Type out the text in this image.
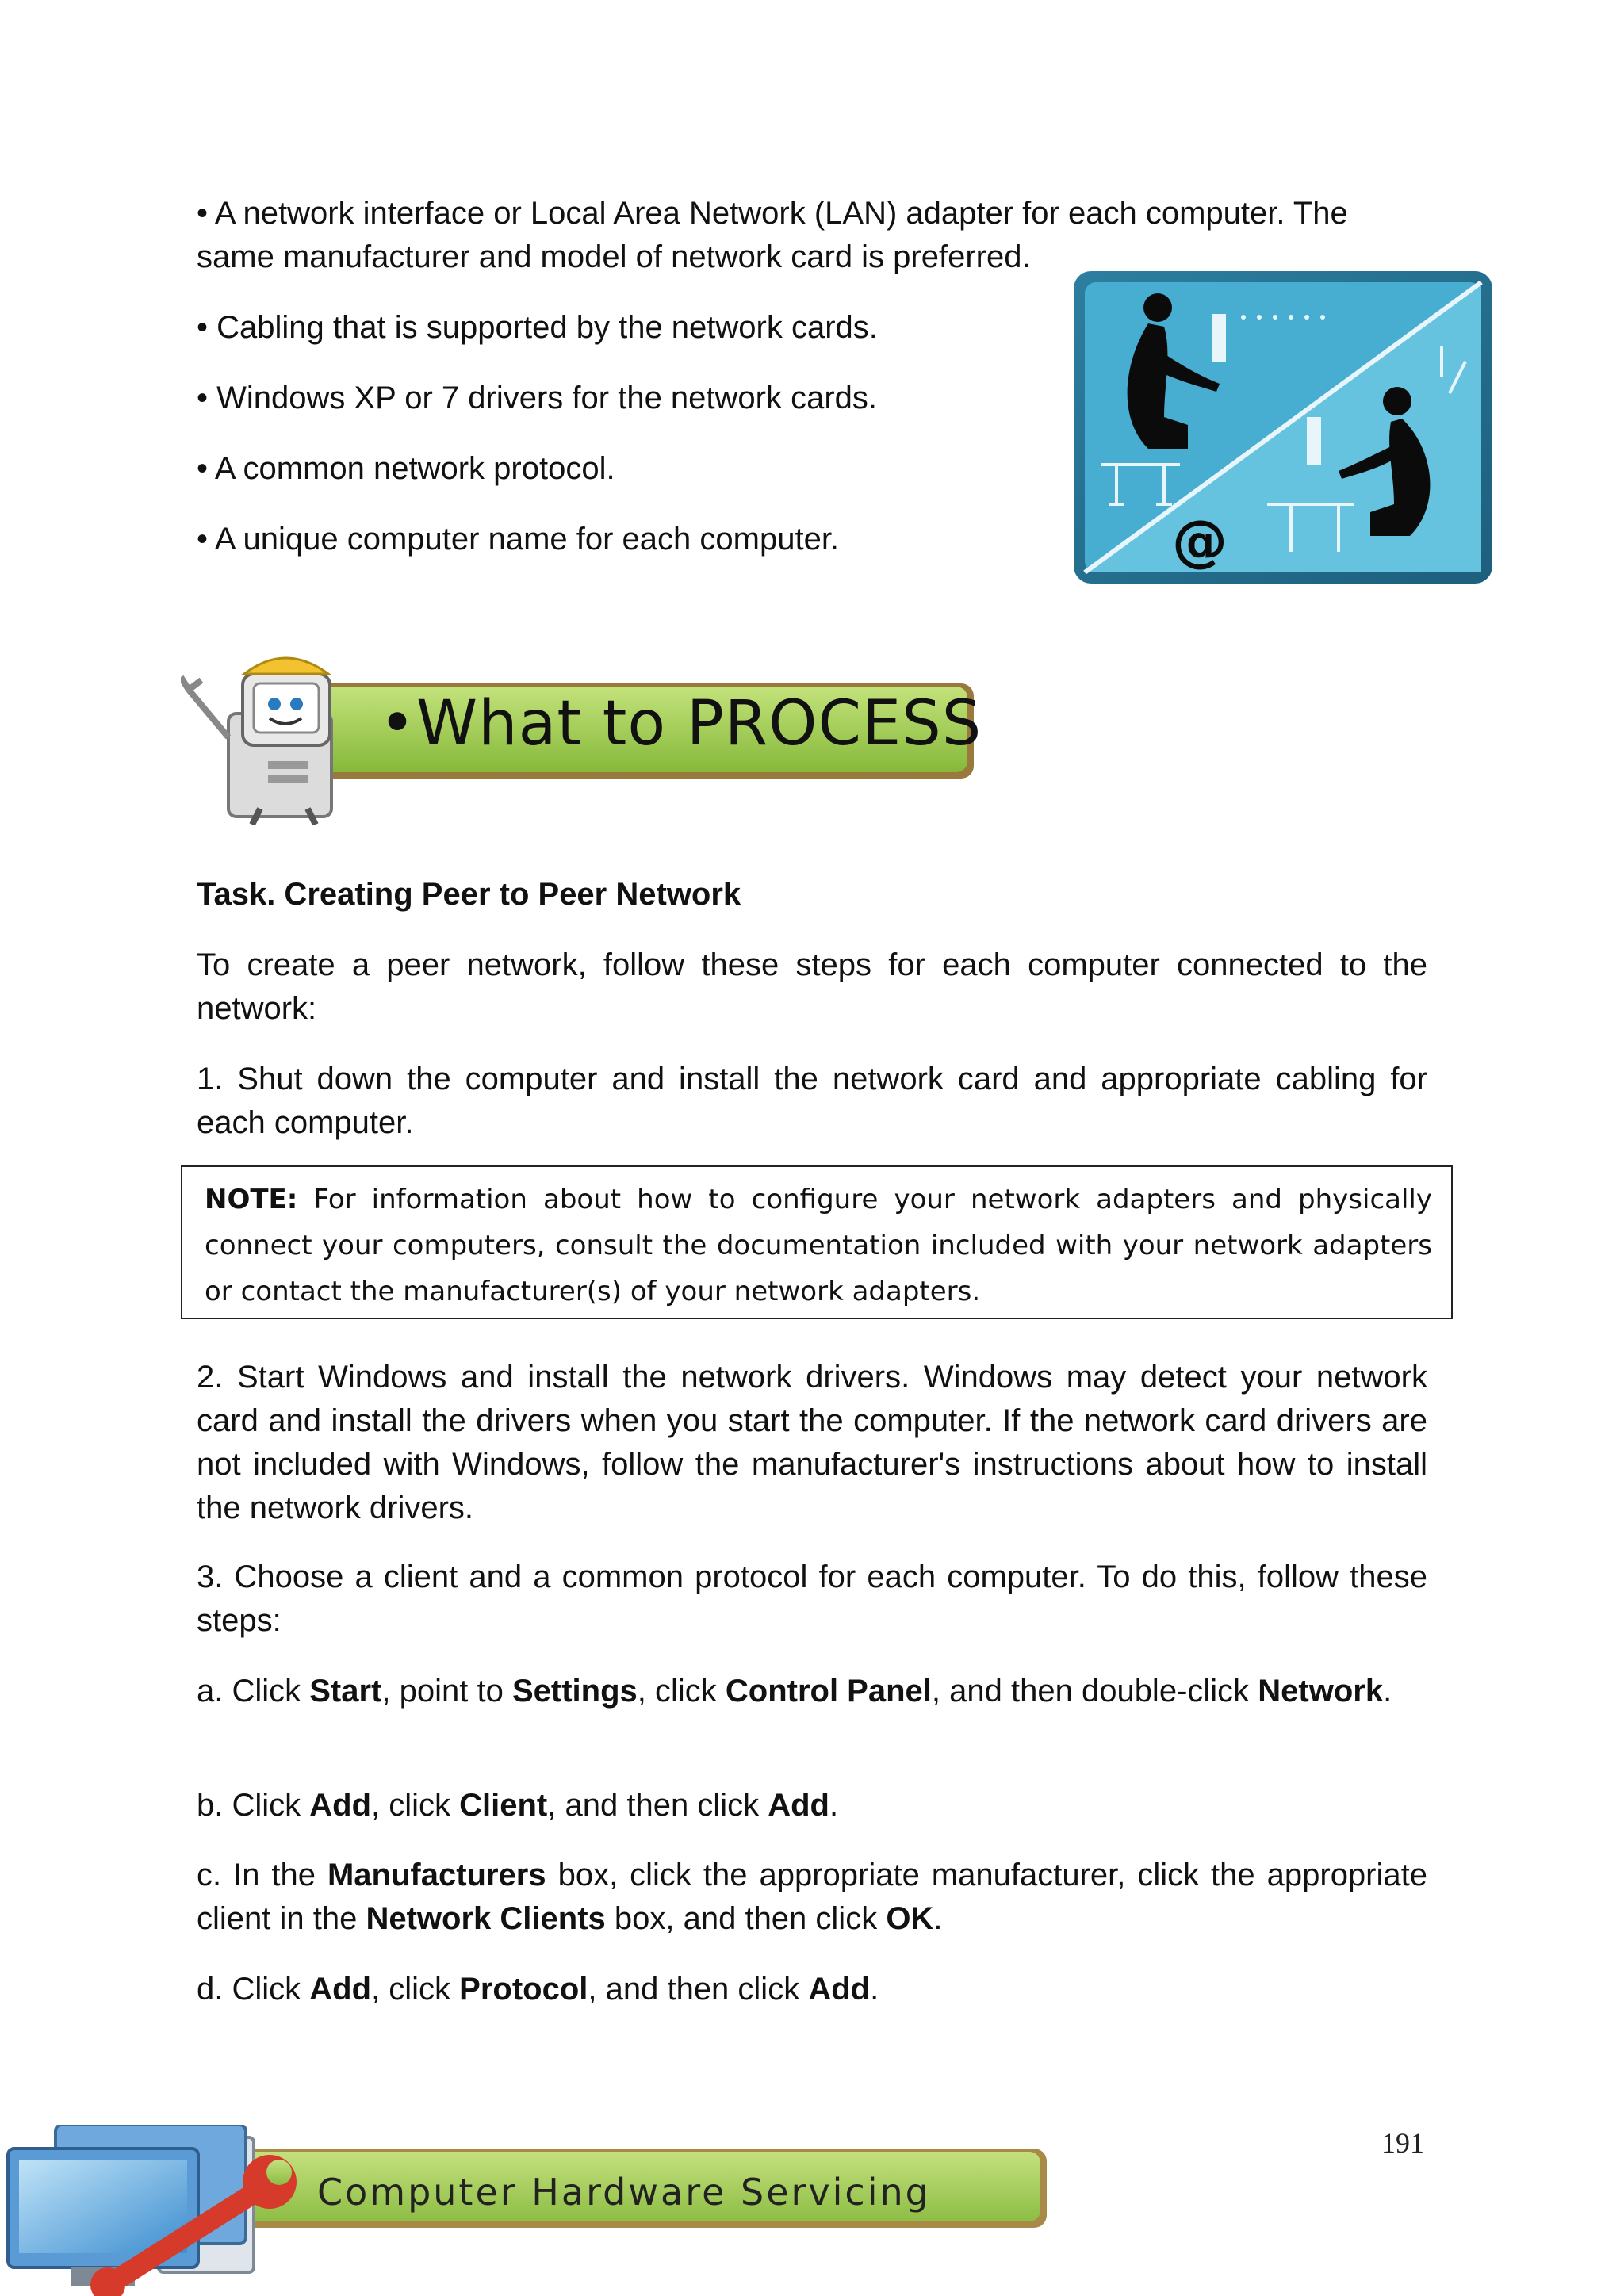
• A network interface or Local Area Network (LAN) adapter for each computer. The same manufacturer and model of network card is preferred.

• Cabling that is supported by the network cards.

• Windows XP or 7 drivers for the network cards.

• A common network protocol.

• A unique computer name for each computer.	@
•What to PROCESS
Task. Creating Peer to Peer Network

To create a peer network, follow these steps for each computer connected to the network:

1. Shut down the computer and install the network card and appropriate cabling for each computer.

NOTE: For information about how to configure your network adapters and physically connect your computers, consult the documentation included with your network adapters or contact the manufacturer(s) of your network adapters.

2. Start Windows and install the network drivers. Windows may detect your network card and install the drivers when you start the computer. If the network card drivers are not included with Windows, follow the manufacturer's instructions about how to install the network drivers.

3. Choose a client and a common protocol for each computer. To do this, follow these steps:

a. Click Start, point to Settings, click Control Panel, and then double-click Network.

b. Click Add, click Client, and then click Add.

c. In the Manufacturers box, click the appropriate manufacturer, click the appropriate client in the Network Clients box, and then click OK.

d. Click Add, click Protocol, and then click Add.

191
Computer Hardware Servicing
